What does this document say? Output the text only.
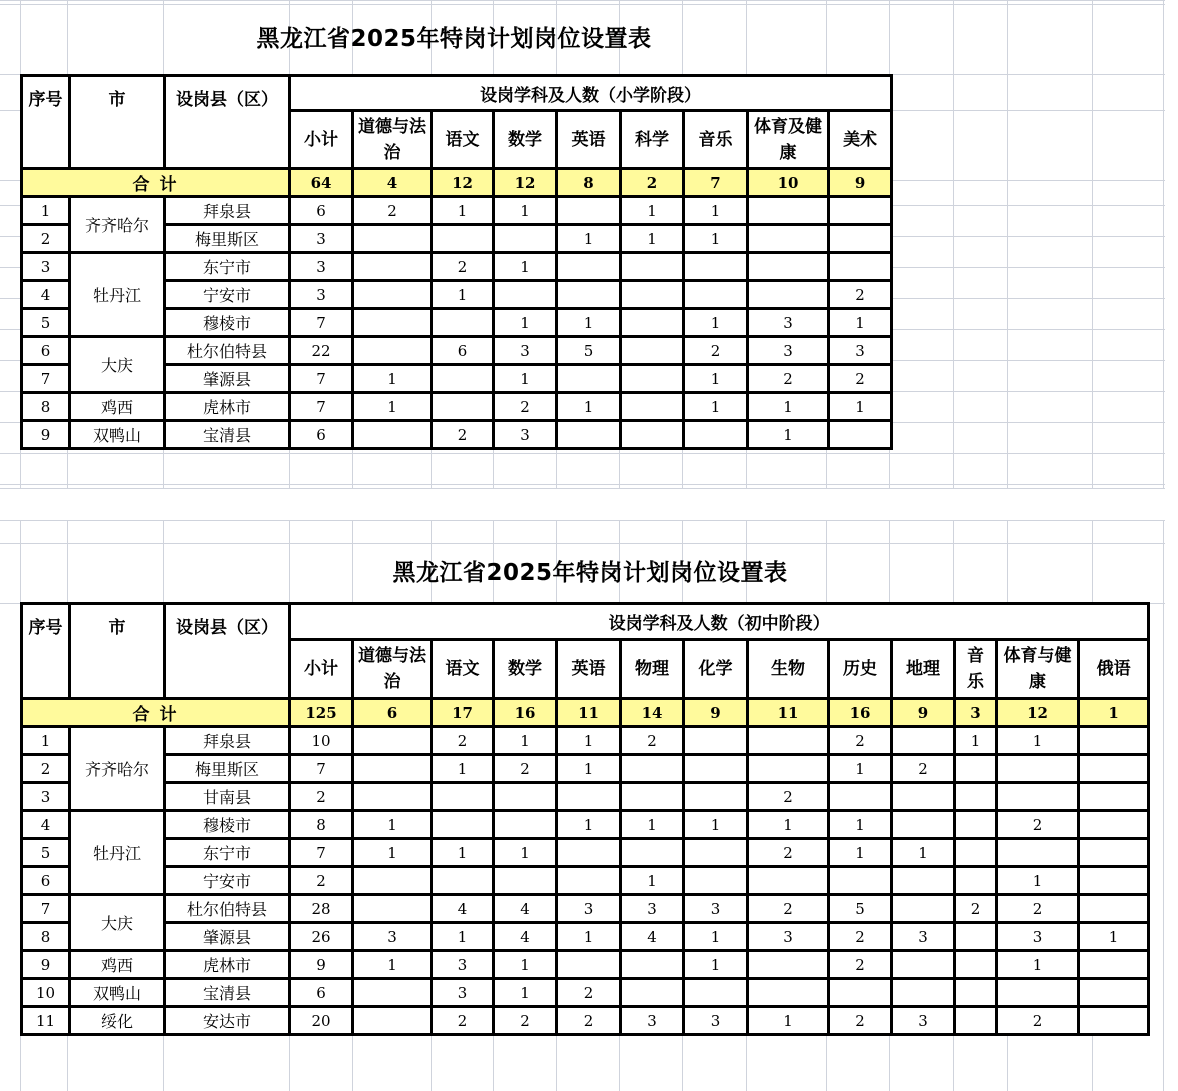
黑龙江省2025年特岗计划岗位设置表
序号	市	设岗县（区）	设岗学科及人数（小学阶段）								
			小计	道德与法治	语文	数学	英语	科学	音乐	体育及健康	美术
合 计			64	4	12	12	8	2	7	10	9
1	齐齐哈尔	拜泉县	6	2	1	1		1	1		
2		梅里斯区	3				1	1	1		
3	牡丹江	东宁市	3		2	1					
4		宁安市	3		1						2
5		穆棱市	7			1	1		1	3	1
6	大庆	杜尔伯特县	22		6	3	5		2	3	3
7		肇源县	7	1		1			1	2	2
8	鸡西	虎林市	7	1		2	1		1	1	1
9	双鸭山	宝清县	6		2	3				1	
黑龙江省2025年特岗计划岗位设置表
序号	市	设岗县（区）	设岗学科及人数（初中阶段）												
			小计	道德与法治	语文	数学	英语	物理	化学	生物	历史	地理	音乐	体育与健康	俄语
合 计			125	6	17	16	11	14	9	11	16	9	3	12	1
1	齐齐哈尔	拜泉县	10		2	1	1	2			2		1	1	
2		梅里斯区	7		1	2	1				1	2			
3		甘南县	2							2					
4	牡丹江	穆棱市	8	1			1	1	1	1	1			2	
5		东宁市	7	1	1	1				2	1	1			
6		宁安市	2					1						1	
7	大庆	杜尔伯特县	28		4	4	3	3	3	2	5		2	2	
8		肇源县	26	3	1	4	1	4	1	3	2	3		3	1
9	鸡西	虎林市	9	1	3	1			1		2			1	
10	双鸭山	宝清县	6		3	1	2								
11	绥化	安达市	20		2	2	2	3	3	1	2	3		2	
